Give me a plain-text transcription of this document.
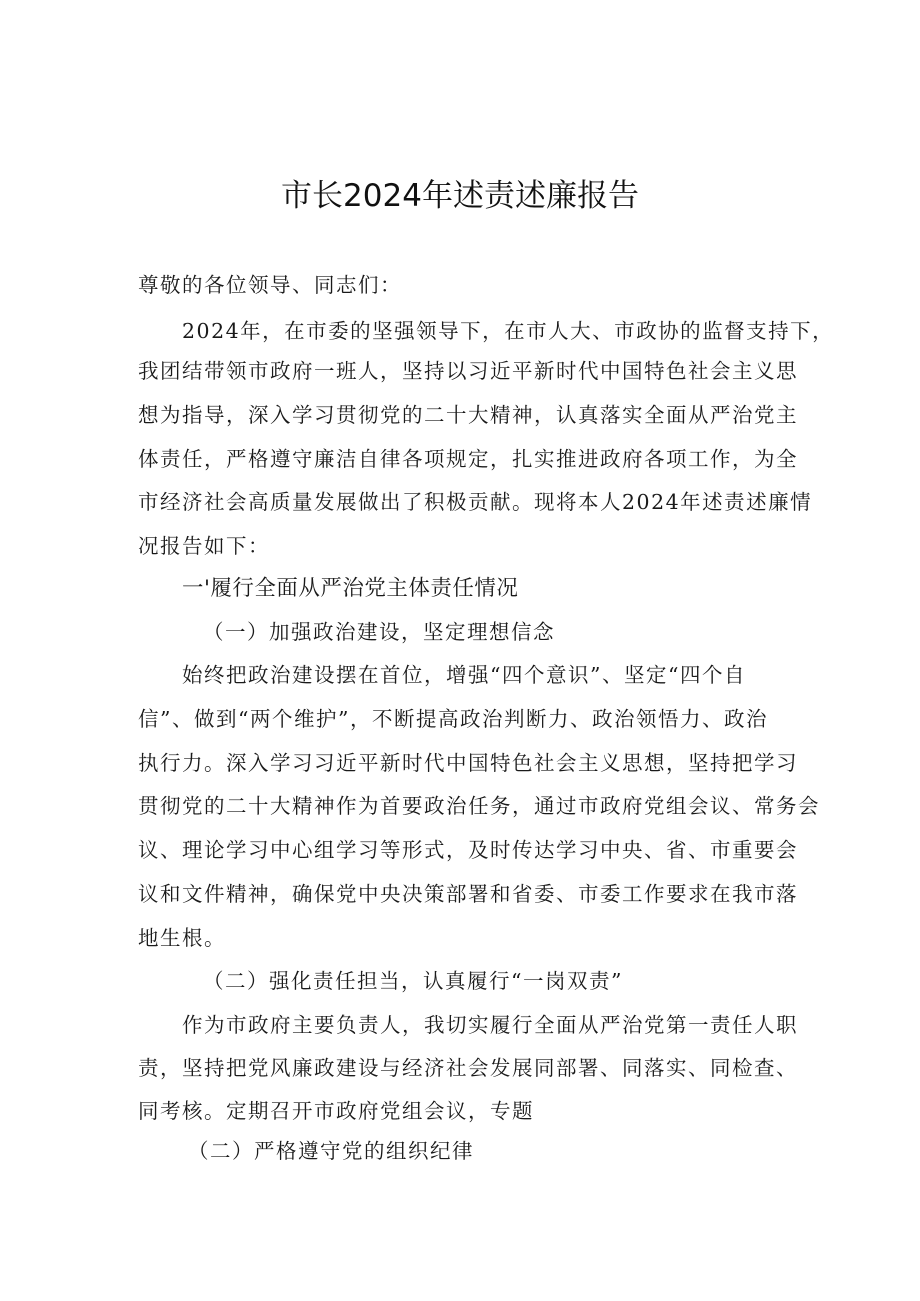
市长2024年述责述廉报告
尊敬的各位领导、同志们：
2024年，在市委的坚强领导下，在市人大、市政协的监督支持下，
我团结带领市政府一班人，坚持以习近平新时代中国特色社会主义思
想为指导，深入学习贯彻党的二十大精神，认真落实全面从严治党主
体责任，严格遵守廉洁自律各项规定，扎实推进政府各项工作，为全
市经济社会高质量发展做出了积极贡献。现将本人2024年述责述廉情
况报告如下：
一'履行全面从严治党主体责任情况
（一）加强政治建设，坚定理想信念
始终把政治建设摆在首位，增强“四个意识”、坚定“四个自
信”、做到“两个维护”，不断提高政治判断力、政治领悟力、政治
执行力。深入学习习近平新时代中国特色社会主义思想，坚持把学习
贯彻党的二十大精神作为首要政治任务，通过市政府党组会议、常务会
议、理论学习中心组学习等形式，及时传达学习中央、省、市重要会
议和文件精神，确保党中央决策部署和省委、市委工作要求在我市落
地生根。
（二）强化责任担当，认真履行“一岗双责”
作为市政府主要负责人，我切实履行全面从严治党第一责任人职
责，坚持把党风廉政建设与经济社会发展同部署、同落实、同检查、
同考核。定期召开市政府党组会议，专题
（二）严格遵守党的组织纪律
